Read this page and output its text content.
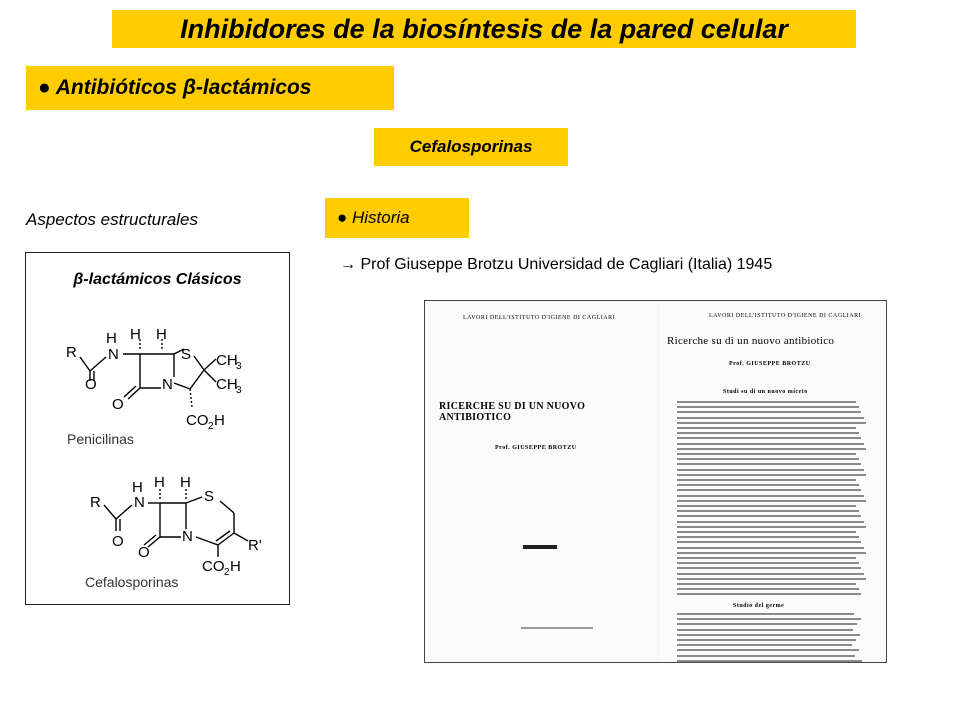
Inhibidores de la biosíntesis de la pared celular
● Antibióticos β-lactámicos
Cefalosporinas
Aspectos estructurales	● Historia
→ Prof Giuseppe Brotzu Universidad de Cagliari (Italia) 1945
β-lactámicos Clásicos
R
H
N
H H
S CH
3
CH
3
O
O
N
CO 2 H
Penicilinas
R
H
N
H H
S
R'
O
O
N
CO 2 H
Cefalosporinas
LAVORI DELL'ISTITUTO D'IGIENE DI CAGLIARI
RICERCHE SU DI UN NUOVO ANTIBIOTICO
Prof. GIUSEPPE BROTZU
LAVORI DELL'ISTITUTO D'IGIENE DI CAGLIARI
Ricerche su di un nuovo antibiotico
Prof. GIUSEPPE BROTZU
Studi su di un nuovo miceto
Studio del germe
